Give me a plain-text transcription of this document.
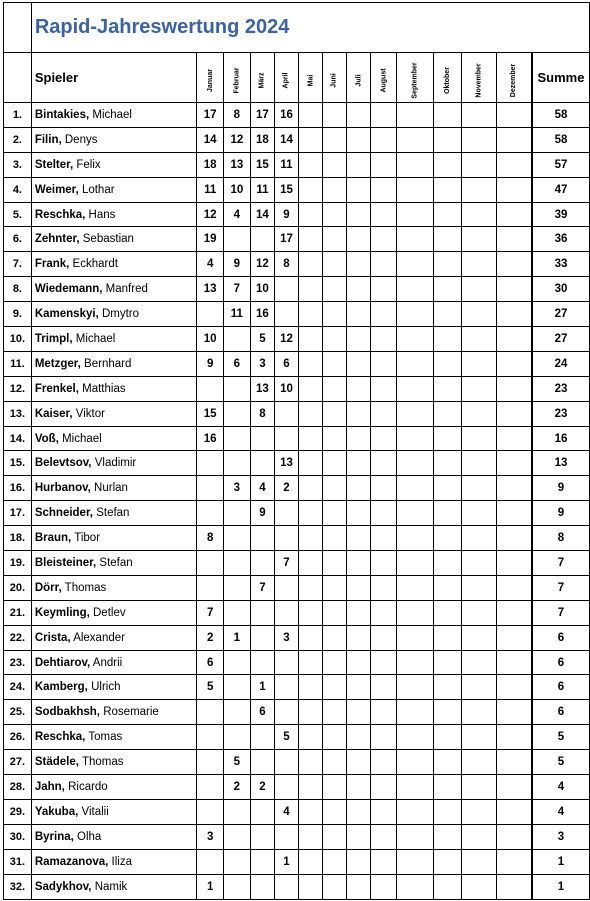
	Rapid-Jahreswertung 2024													
	Spieler	Januar	Februar	März	April	Mai	Juni	Juli	August	September	Oktober	November	Dezember	Summe
1.	Bintakies, Michael	17	8	17	16									58
2.	Filin, Denys	14	12	18	14									58
3.	Stelter, Felix	18	13	15	11									57
4.	Weimer, Lothar	11	10	11	15									47
5.	Reschka, Hans	12	4	14	9									39
6.	Zehnter, Sebastian	19			17									36
7.	Frank, Eckhardt	4	9	12	8									33
8.	Wiedemann, Manfred	13	7	10										30
9.	Kamenskyi, Dmytro		11	16										27
10.	Trimpl, Michael	10		5	12									27
11.	Metzger, Bernhard	9	6	3	6									24
12.	Frenkel, Matthias			13	10									23
13.	Kaiser, Viktor	15		8										23
14.	Voß, Michael	16												16
15.	Belevtsov, Vladimir				13									13
16.	Hurbanov, Nurlan		3	4	2									9
17.	Schneider, Stefan			9										9
18.	Braun, Tibor	8												8
19.	Bleisteiner, Stefan				7									7
20.	Dörr, Thomas			7										7
21.	Keymling, Detlev	7												7
22.	Crista, Alexander	2	1		3									6
23.	Dehtiarov, Andrii	6												6
24.	Kamberg, Ulrich	5		1										6
25.	Sodbakhsh, Rosemarie			6										6
26.	Reschka, Tomas				5									5
27.	Städele, Thomas		5											5
28.	Jahn, Ricardo		2	2										4
29.	Yakuba, Vitalii				4									4
30.	Byrina, Olha	3												3
31.	Ramazanova, Iliza				1									1
32.	Sadykhov, Namik	1												1
